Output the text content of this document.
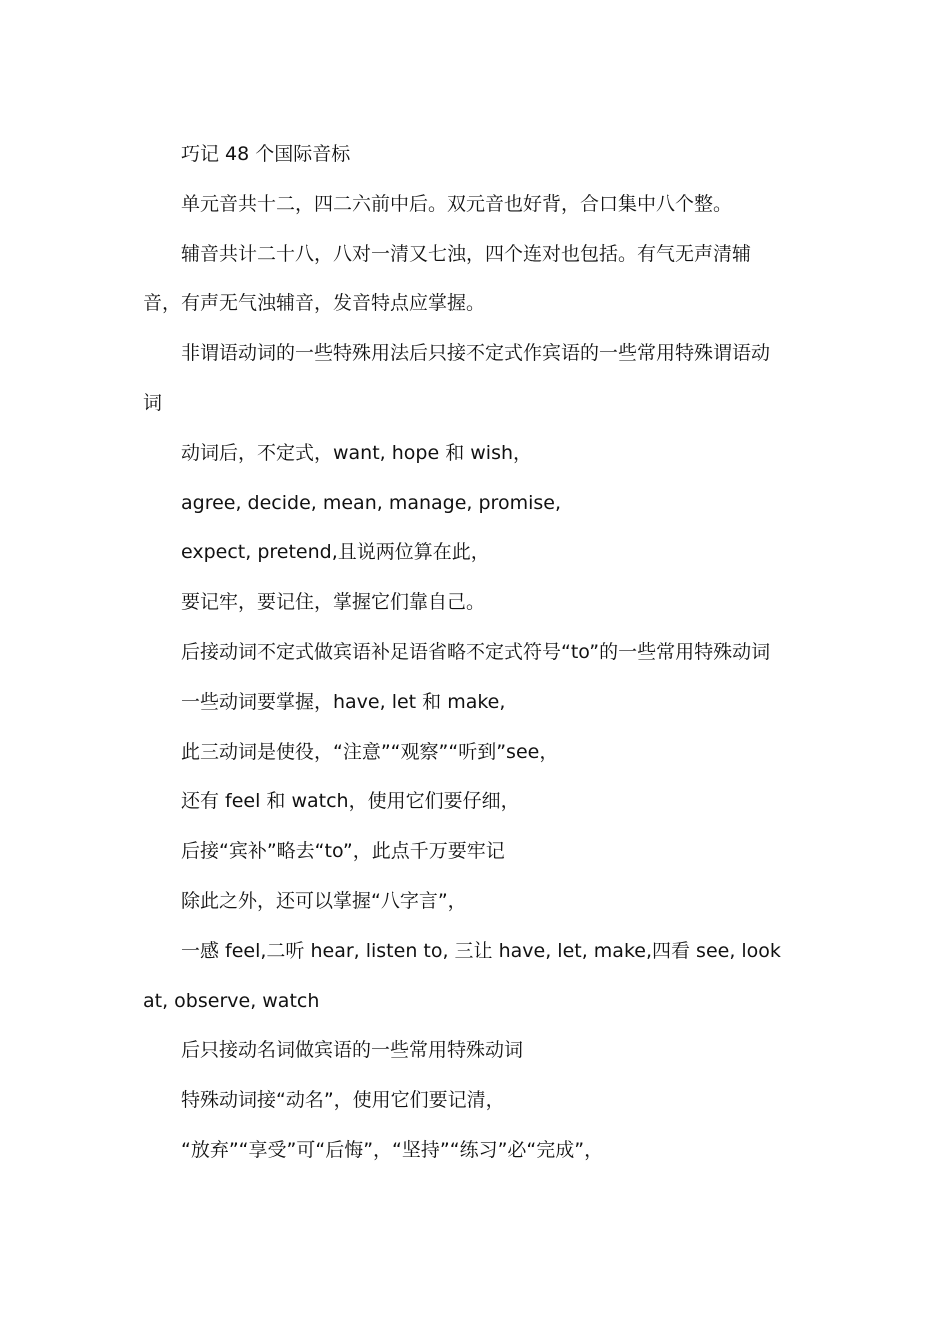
巧记 48 个国际音标

单元音共十二，四二六前中后。双元音也好背，合口集中八个整。

辅音共计二十八，八对一清又七浊，四个连对也包括。有气无声清辅音，有声无气浊辅音，发音特点应掌握。

非谓语动词的一些特殊用法后只接不定式作宾语的一些常用特殊谓语动词

动词后，不定式，want, hope 和 wish，

agree, decide, mean, manage, promise,

expect, pretend,且说两位算在此，

要记牢，要记住，掌握它们靠自己。

后接动词不定式做宾语补足语省略不定式符号“to”的一些常用特殊动词

一些动词要掌握，have, let 和 make,

此三动词是使役，“注意”“观察”“听到”see，

还有 feel 和 watch，使用它们要仔细，

后接“宾补”略去“to”，此点千万要牢记

除此之外，还可以掌握“八字言”，

一感 feel,二听 hear, listen to, 三让 have, let, make,四看 see, look at, observe, watch

后只接动名词做宾语的一些常用特殊动词

特殊动词接“动名”，使用它们要记清，

“放弃”“享受”可“后悔”，“坚持”“练习”必“完成”，
